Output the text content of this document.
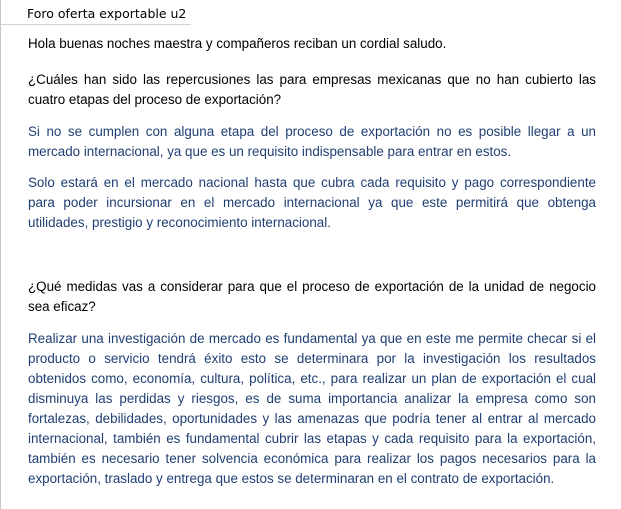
Foro oferta exportable u2

Hola buenas noches maestra y compañeros reciban un cordial saludo.

¿Cuáles han sido las repercusiones las para empresas mexicanas que no han cubierto las cuatro etapas del proceso de exportación?

Si no se cumplen con alguna etapa del proceso de exportación no es posible llegar a un mercado internacional, ya que es un requisito indispensable para entrar en estos.

Solo estará en el mercado nacional hasta que cubra cada requisito y pago correspondiente para poder incursionar en el mercado internacional ya que este permitirá que obtenga utilidades, prestigio y reconocimiento internacional.

¿Qué medidas vas a considerar para que el proceso de exportación de la unidad de negocio sea eficaz?

Realizar una investigación de mercado es fundamental ya que en este me permite checar si el producto o servicio tendrá éxito esto se determinara por la investigación los resultados obtenidos como, economía, cultura, política, etc., para realizar un plan de exportación el cual disminuya las perdidas y riesgos, es de suma importancia analizar la empresa como son fortalezas, debilidades, oportunidades y las amenazas que podría tener al entrar al mercado internacional, también es fundamental cubrir las etapas y cada requisito para la exportación, también es necesario tener solvencia económica para realizar los pagos necesarios para la exportación, traslado y entrega que estos se determinaran en el contrato de exportación.
